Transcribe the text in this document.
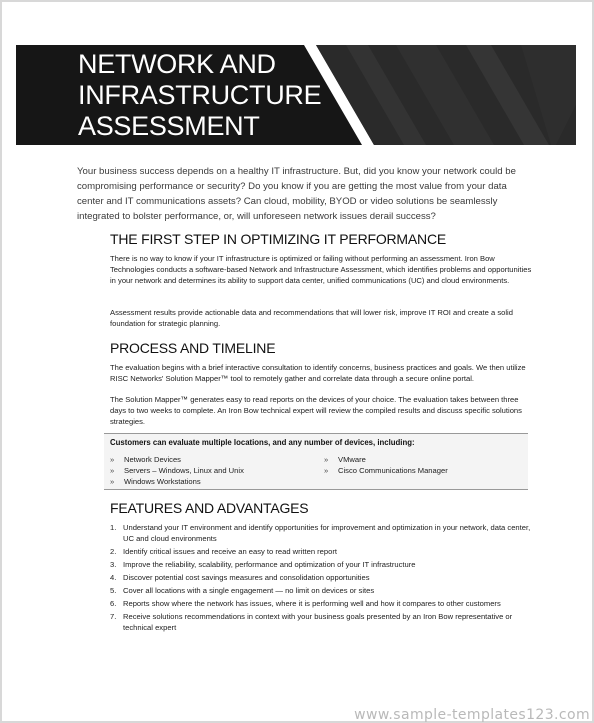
NETWORK AND
INFRASTRUCTURE
ASSESSMENT

Your business success depends on a healthy IT infrastructure. But, did you know your network could be compromising performance or security? Do you know if you are getting the most value from your data center and IT communications assets? Can cloud, mobility, BYOD or video solutions be seamlessly integrated to bolster performance, or, will unforeseen network issues derail success?

THE FIRST STEP IN OPTIMIZING IT PERFORMANCE

There is no way to know if your IT infrastructure is optimized or failing without performing an assessment. Iron Bow Technologies conducts a software-based Network and Infrastructure Assessment, which identifies problems and opportunities in your network and determines its ability to support data center, unified communications (UC) and cloud environments.

Assessment results provide actionable data and recommendations that will lower risk, improve IT ROI and create a solid foundation for strategic planning.

PROCESS AND TIMELINE

The evaluation begins with a brief interactive consultation to identify concerns, business practices and goals. We then utilize RISC Networks' Solution Mapper™ tool to remotely gather and correlate data through a secure online portal.

The Solution Mapper™ generates easy to read reports on the devices of your choice. The evaluation takes between three days to two weeks to complete. An Iron Bow technical expert will review the compiled results and discuss specific solutions strategies.

Customers can evaluate multiple locations, and any number of devices, including:

» Network Devices
» Servers – Windows, Linux and Unix
» Windows Workstations
» VMware
» Cisco Communications Manager
FEATURES AND ADVANTAGES
1. Understand your IT environment and identify opportunities for improvement and optimization in your network, data center, UC and cloud environments
2. Identify critical issues and receive an easy to read written report
3. Improve the reliability, scalability, performance and optimization of your IT infrastructure
4. Discover potential cost savings measures and consolidation opportunities
5. Cover all locations with a single engagement — no limit on devices or sites
6. Reports show where the network has issues, where it is performing well and how it compares to other customers
7. Receive solutions recommendations in context with your business goals presented by an Iron Bow representative or technical expert
www.sample-templates123.com
